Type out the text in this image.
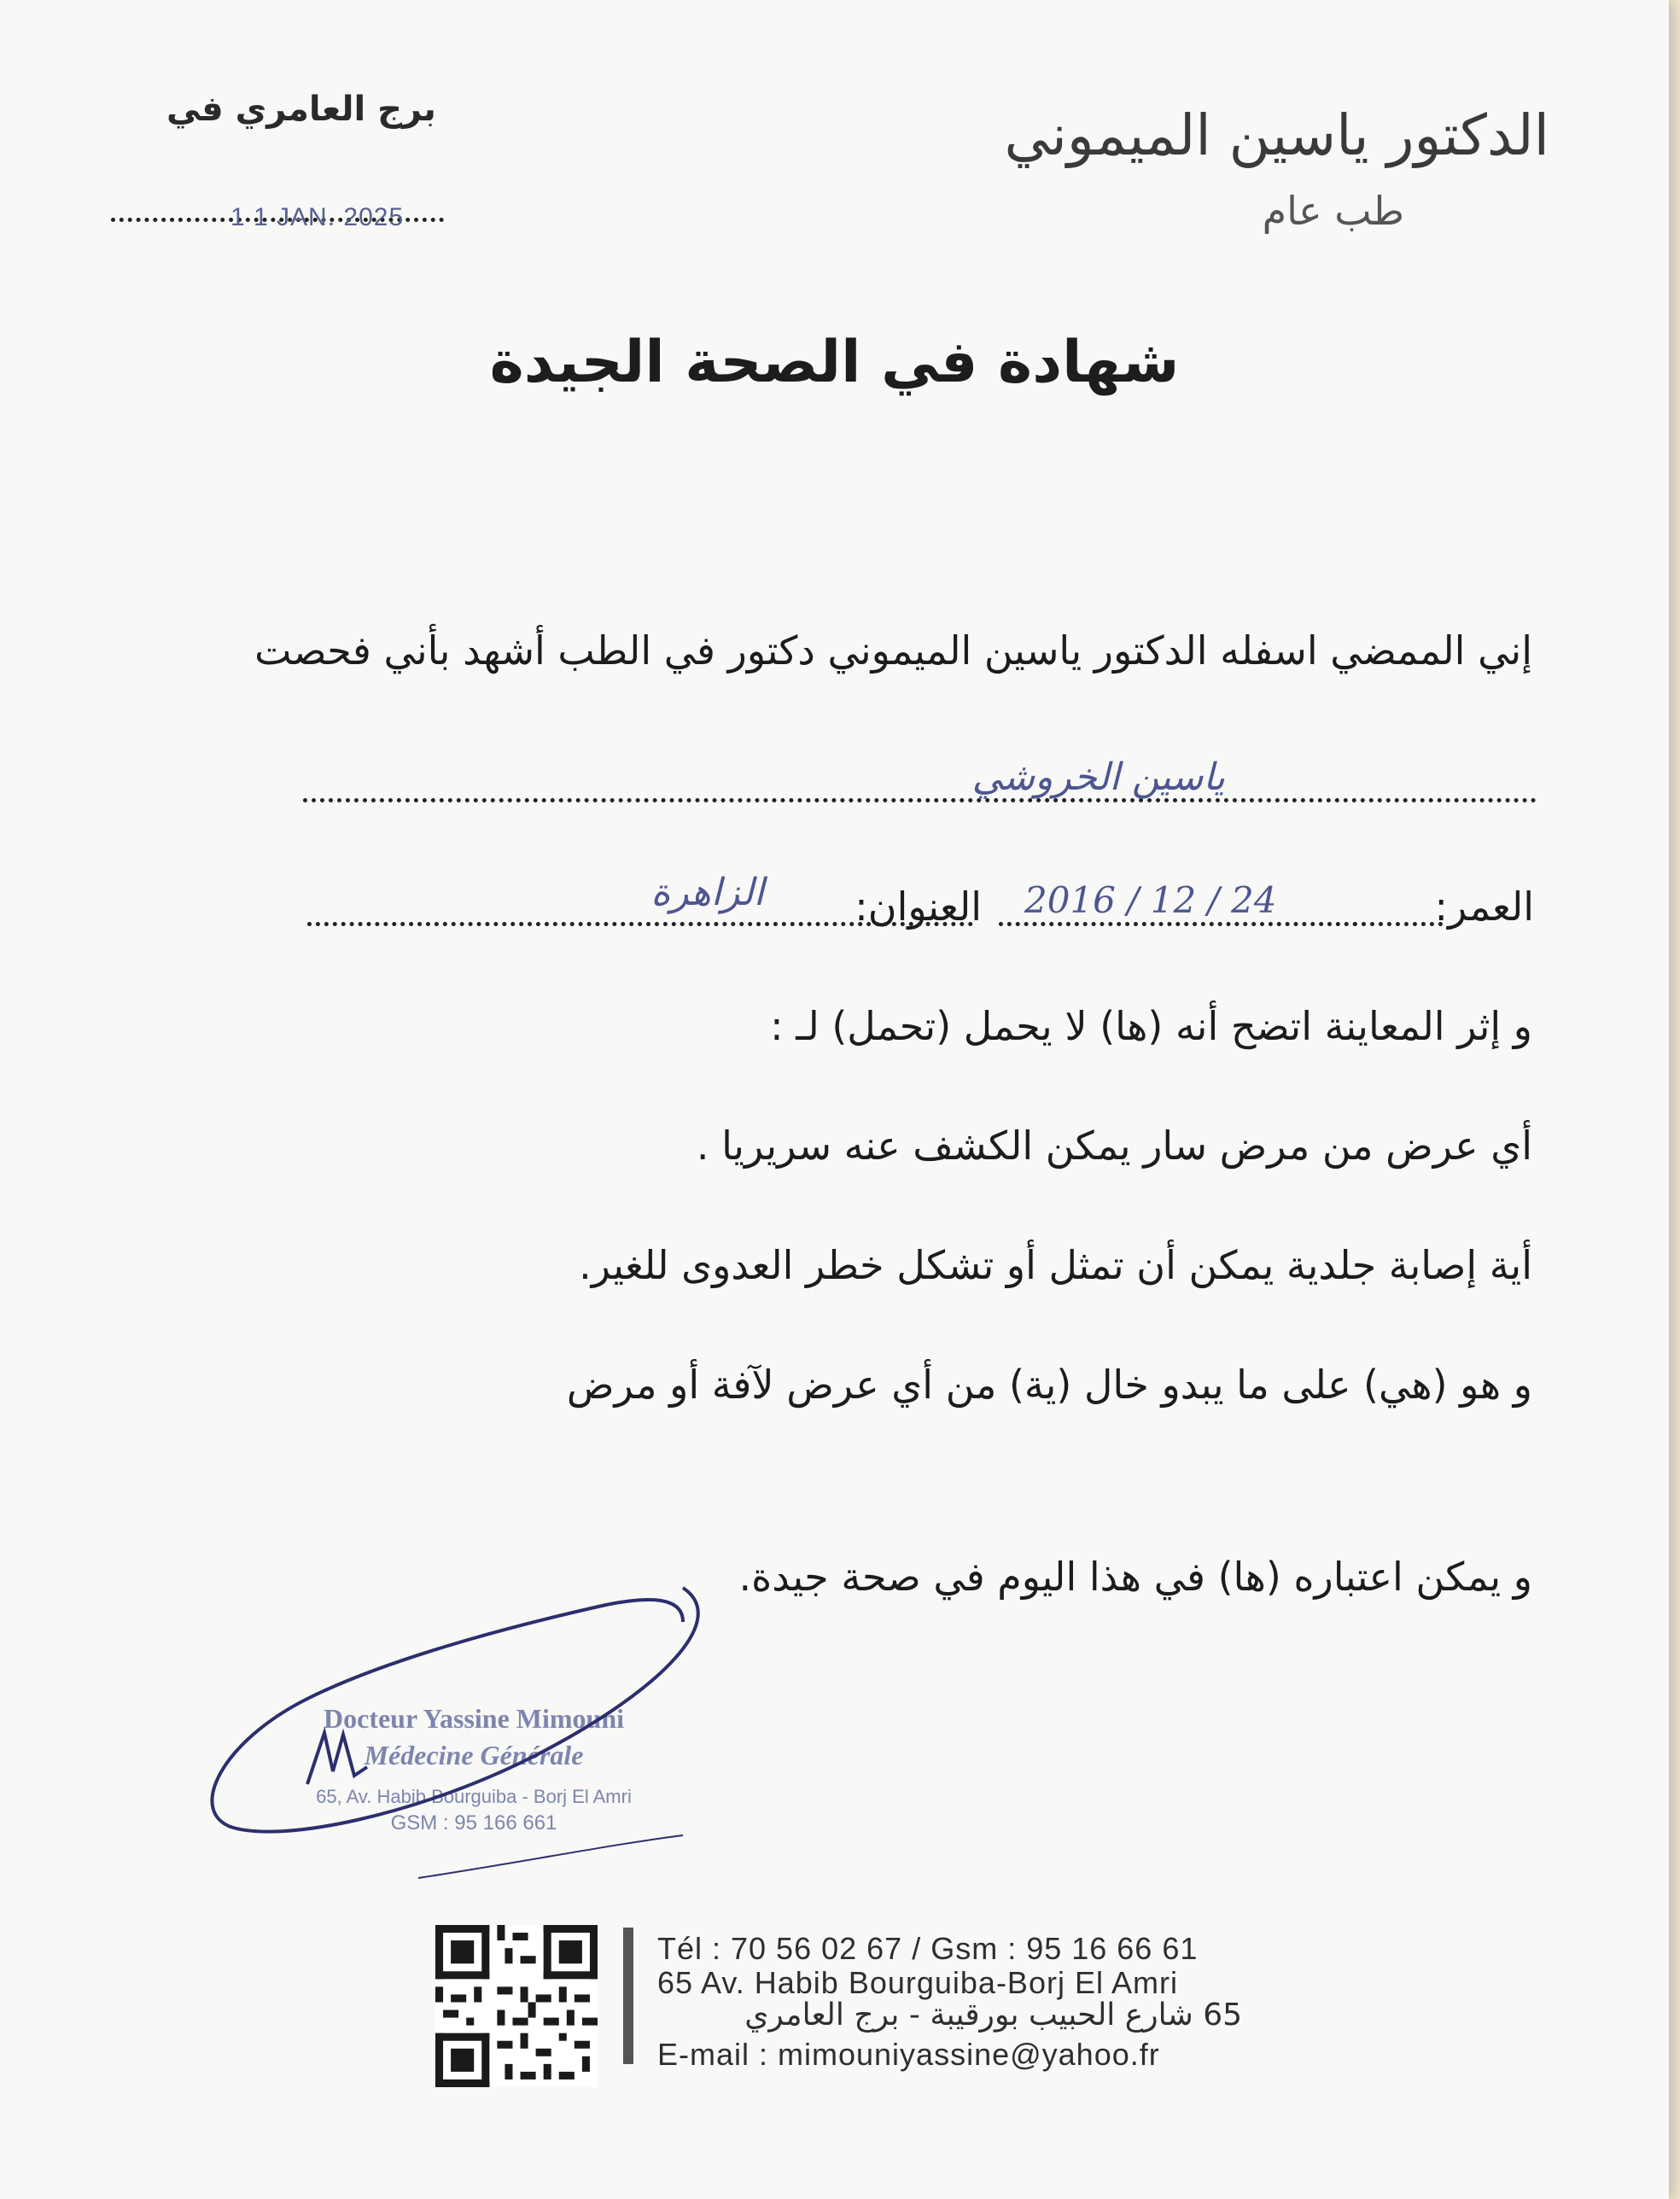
الدكتور ياسين الميموني
طب عام
برج العامري في
1 1 JAN. 2025
شهادة في الصحة الجيدة
إني الممضي اسفله الدكتور ياسين الميموني دكتور في الطب أشهد بأني فحصت
ياسين الخروشي
العمر:
2016 / 12 / 24
العنوان:
الزاهرة
و إثر المعاينة اتضح أنه (ها) لا يحمل (تحمل) لـ :
أي عرض من مرض سار يمكن الكشف عنه سريريا .
أية إصابة جلدية يمكن أن تمثل أو تشكل خطر العدوى للغير.
و هو (هي) على ما يبدو خال (ية) من أي عرض لآفة أو مرض
و يمكن اعتباره (ها) في هذا اليوم في صحة جيدة.
Docteur Yassine Mimouni
Médecine Générale
65, Av. Habib Bourguiba - Borj El Amri
GSM : 95 166 661
Tél : 70 56 02 67 / Gsm : 95 16 66 61
65 Av. Habib Bourguiba-Borj El Amri
65 شارع الحبيب بورقيبة - برج العامري
E-mail : mimouniyassine@yahoo.fr
